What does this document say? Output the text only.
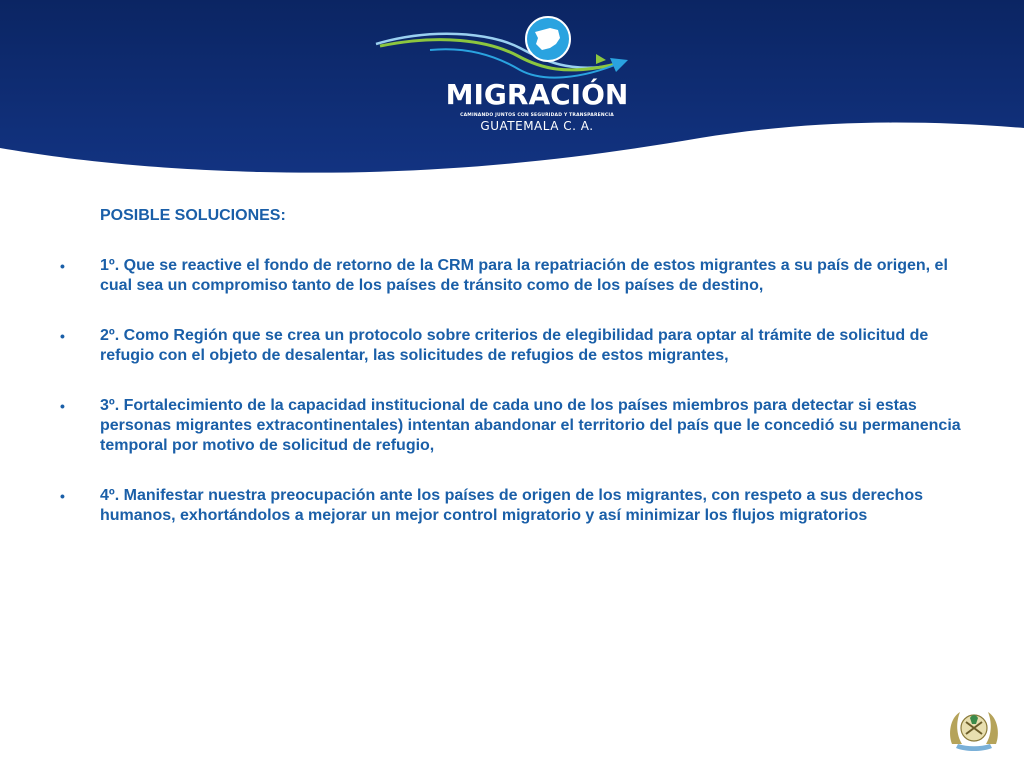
MIGRACIÓN
CAMINANDO JUNTOS CON SEGURIDAD Y TRANSPARENCIA
GUATEMALA C. A.
POSIBLE SOLUCIONES:
• 1º. Que se reactive el fondo de retorno de la CRM para la repatriación de estos migrantes a su país de origen, el cual sea un compromiso tanto de los países de tránsito como de los países de destino,
• 2º. Como Región que se crea un protocolo sobre criterios de elegibilidad para optar al trámite de solicitud de refugio con el objeto de desalentar, las solicitudes de refugios de estos migrantes,
• 3º. Fortalecimiento de la capacidad institucional de cada uno de los países miembros para detectar si estas personas migrantes extracontinentales) intentan abandonar el territorio del país que le concedió su permanencia temporal por motivo de solicitud de refugio,
• 4º. Manifestar nuestra preocupación ante los países de origen de los migrantes, con respeto a sus derechos humanos, exhortándolos a mejorar un mejor control migratorio y así minimizar los flujos migratorios
